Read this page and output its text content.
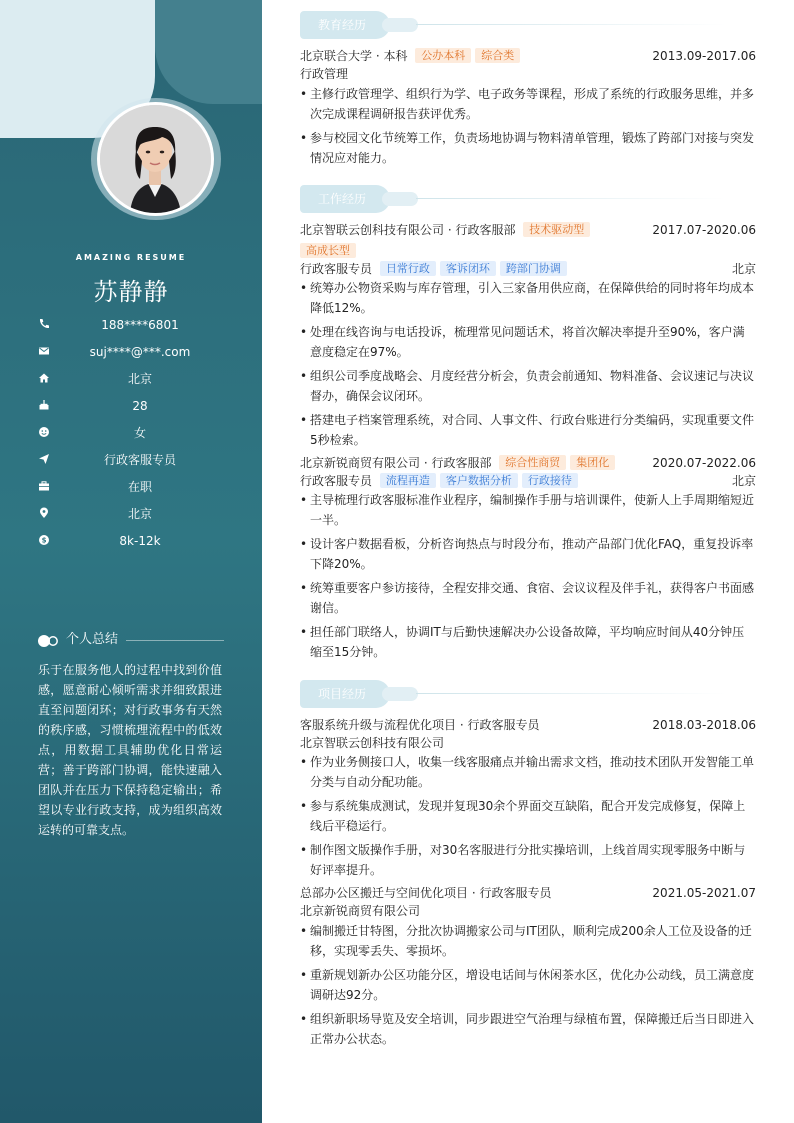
AMAZING RESUME
苏静静
188****6801
suj****@***.com
北京
28
女
行政客服专员
在职
北京
$	8k-12k
个人总结
乐于在服务他人的过程中找到价值感，愿意耐心倾听需求并细致跟进直至问题闭环；对行政事务有天然的秩序感，习惯梳理流程中的低效点，用数据工具辅助优化日常运营；善于跨部门协调，能快速融入团队并在压力下保持稳定输出；希望以专业行政支持，成为组织高效运转的可靠支点。
教育经历
北京联合大学 · 本科 公办本科 综合类	2013.09-2017.06
行政管理
• 主修行政管理学、组织行为学、电子政务等课程，形成了系统的行政服务思维，并多次完成课程调研报告获评优秀。
• 参与校园文化节统筹工作，负责场地协调与物料清单管理，锻炼了跨部门对接与突发情况应对能力。
工作经历
北京智联云创科技有限公司 · 行政客服部 技术驱动型	2017.07-2020.06
高成长型
行政客服专员 日常行政 客诉闭环 跨部门协调	北京
• 统筹办公物资采购与库存管理，引入三家备用供应商，在保障供给的同时将年均成本降低12%。
• 处理在线咨询与电话投诉，梳理常见问题话术，将首次解决率提升至90%，客户满意度稳定在97%。
• 组织公司季度战略会、月度经营分析会，负责会前通知、物料准备、会议速记与决议督办，确保会议闭环。
• 搭建电子档案管理系统，对合同、人事文件、行政台账进行分类编码，实现重要文件5秒检索。
北京新锐商贸有限公司 · 行政客服部 综合性商贸 集团化	2020.07-2022.06
行政客服专员 流程再造 客户数据分析 行政接待	北京
• 主导梳理行政客服标准作业程序，编制操作手册与培训课件，使新人上手周期缩短近一半。
• 设计客户数据看板，分析咨询热点与时段分布，推动产品部门优化FAQ，重复投诉率下降20%。
• 统筹重要客户参访接待，全程安排交通、食宿、会议议程及伴手礼，获得客户书面感谢信。
• 担任部门联络人，协调IT与后勤快速解决办公设备故障，平均响应时间从40分钟压缩至15分钟。
项目经历
客服系统升级与流程优化项目 · 行政客服专员	2018.03-2018.06
北京智联云创科技有限公司
• 作为业务侧接口人，收集一线客服痛点并输出需求文档，推动技术团队开发智能工单分类与自动分配功能。
• 参与系统集成测试，发现并复现30余个界面交互缺陷，配合开发完成修复，保障上线后平稳运行。
• 制作图文版操作手册，对30名客服进行分批实操培训，上线首周实现零服务中断与好评率提升。
总部办公区搬迁与空间优化项目 · 行政客服专员	2021.05-2021.07
北京新锐商贸有限公司
• 编制搬迁甘特图，分批次协调搬家公司与IT团队，顺利完成200余人工位及设备的迁移，实现零丢失、零损坏。
• 重新规划新办公区功能分区，增设电话间与休闲茶水区，优化办公动线，员工满意度调研达92分。
• 组织新职场导览及安全培训，同步跟进空气治理与绿植布置，保障搬迁后当日即进入正常办公状态。
